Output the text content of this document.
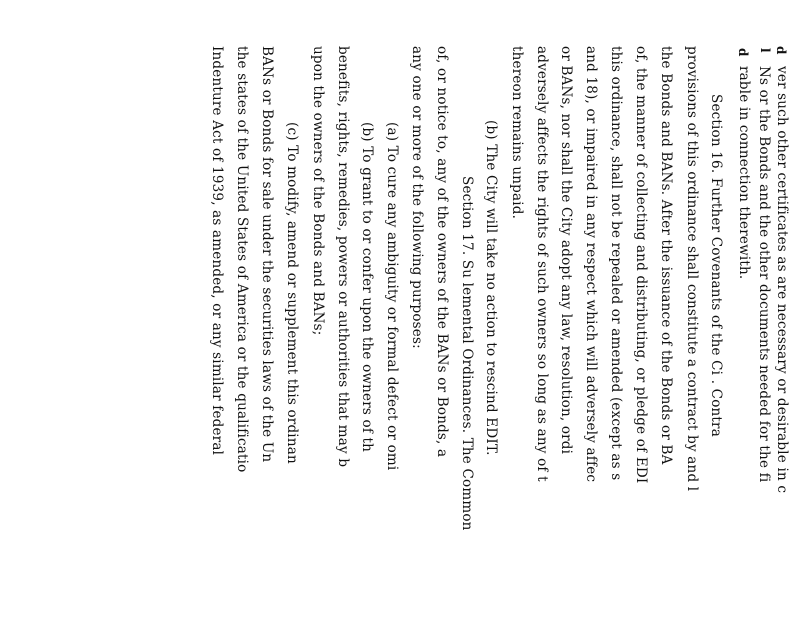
d
l
d
ver such other certificates as are necessary or desirable in c
Ns or the Bonds and the other documents needed for the fi
rable in connection therewith.
Section 16. Further Covenants of the Ci . Contra
provisions of this ordinance shall constitute a contract by and l
the Bonds and BANs. After the issuance of the Bonds or BA
of, the manner of collecting and distributing, or pledge of EDI
this ordinance, shall not be repealed or amended (except as s
and 18), or impaired in any respect which will adversely affec
or BANs, nor shall the City adopt any law, resolution, ordi
adversely affects the rights of such owners so long as any of t
thereon remains unpaid.
(b) The City will take no action to rescind EDIT.
Section 17. Su lemental Ordinances. The Common
of, or notice to, any of the owners of the BANs or Bonds, a
any one or more of the following purposes:
(a) To cure any ambiguity or formal defect or omi
(b) To grant to or confer upon the owners of th
benefits, rights, remedies, powers or authorities that may b
upon the owners of the Bonds and BANs;
(c) To modify, amend or supplement this ordinan
BANs or Bonds for sale under the securities laws of the Un
the states of the United States of America or the qualificatio
Indenture Act of 1939, as amended, or any similar federal
